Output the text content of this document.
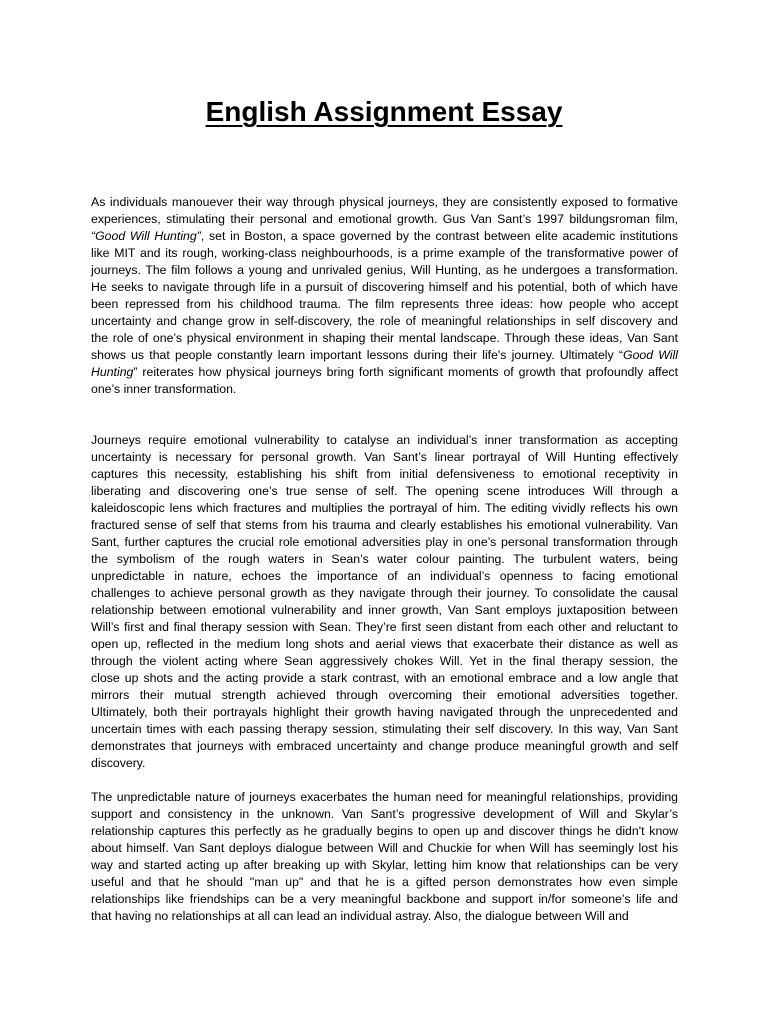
English Assignment Essay

As individuals manouever their way through physical journeys, they are consistently exposed to formative
experiences, stimulating their personal and emotional growth. Gus Van Sant’s 1997 bildungsroman film,
“Good Will Hunting”, set in Boston, a space governed by the contrast between elite academic institutions
like MIT and its rough, working-class neighbourhoods, is a prime example of the transformative power of
journeys. The film follows a young and unrivaled genius, Will Hunting, as he undergoes a transformation.
He seeks to navigate through life in a pursuit of discovering himself and his potential, both of which have
been repressed from his childhood trauma. The film represents three ideas: how people who accept
uncertainty and change grow in self-discovery, the role of meaningful relationships in self discovery and
the role of one’s physical environment in shaping their mental landscape. Through these ideas, Van Sant
shows us that people constantly learn important lessons during their life's journey. Ultimately “Good Will
Hunting” reiterates how physical journeys bring forth significant moments of growth that profoundly affect
one’s inner transformation.

Journeys require emotional vulnerability to catalyse an individual’s inner transformation as accepting
uncertainty is necessary for personal growth. Van Sant’s linear portrayal of Will Hunting effectively
captures this necessity, establishing his shift from initial defensiveness to emotional receptivity in
liberating and discovering one’s true sense of self. The opening scene introduces Will through a
kaleidoscopic lens which fractures and multiplies the portrayal of him. The editing vividly reflects his own
fractured sense of self that stems from his trauma and clearly establishes his emotional vulnerability. Van
Sant, further captures the crucial role emotional adversities play in one’s personal transformation through
the symbolism of the rough waters in Sean’s water colour painting. The turbulent waters, being
unpredictable in nature, echoes the importance of an individual’s openness to facing emotional
challenges to achieve personal growth as they navigate through their journey. To consolidate the causal
relationship between emotional vulnerability and inner growth, Van Sant employs juxtaposition between
Will’s first and final therapy session with Sean. They’re first seen distant from each other and reluctant to
open up, reflected in the medium long shots and aerial views that exacerbate their distance as well as
through the violent acting where Sean aggressively chokes Will. Yet in the final therapy session, the
close up shots and the acting provide a stark contrast, with an emotional embrace and a low angle that
mirrors their mutual strength achieved through overcoming their emotional adversities together.
Ultimately, both their portrayals highlight their growth having navigated through the unprecedented and
uncertain times with each passing therapy session, stimulating their self discovery. In this way, Van Sant
demonstrates that journeys with embraced uncertainty and change produce meaningful growth and self
discovery.

The unpredictable nature of journeys exacerbates the human need for meaningful relationships, providing
support and consistency in the unknown. Van Sant’s progressive development of Will and Skylar’s
relationship captures this perfectly as he gradually begins to open up and discover things he didn't know
about himself. Van Sant deploys dialogue between Will and Chuckie for when Will has seemingly lost his
way and started acting up after breaking up with Skylar, letting him know that relationships can be very
useful and that he should "man up" and that he is a gifted person demonstrates how even simple
relationships like friendships can be a very meaningful backbone and support in/for someone’s life and
that having no relationships at all can lead an individual astray. Also, the dialogue between Will and
